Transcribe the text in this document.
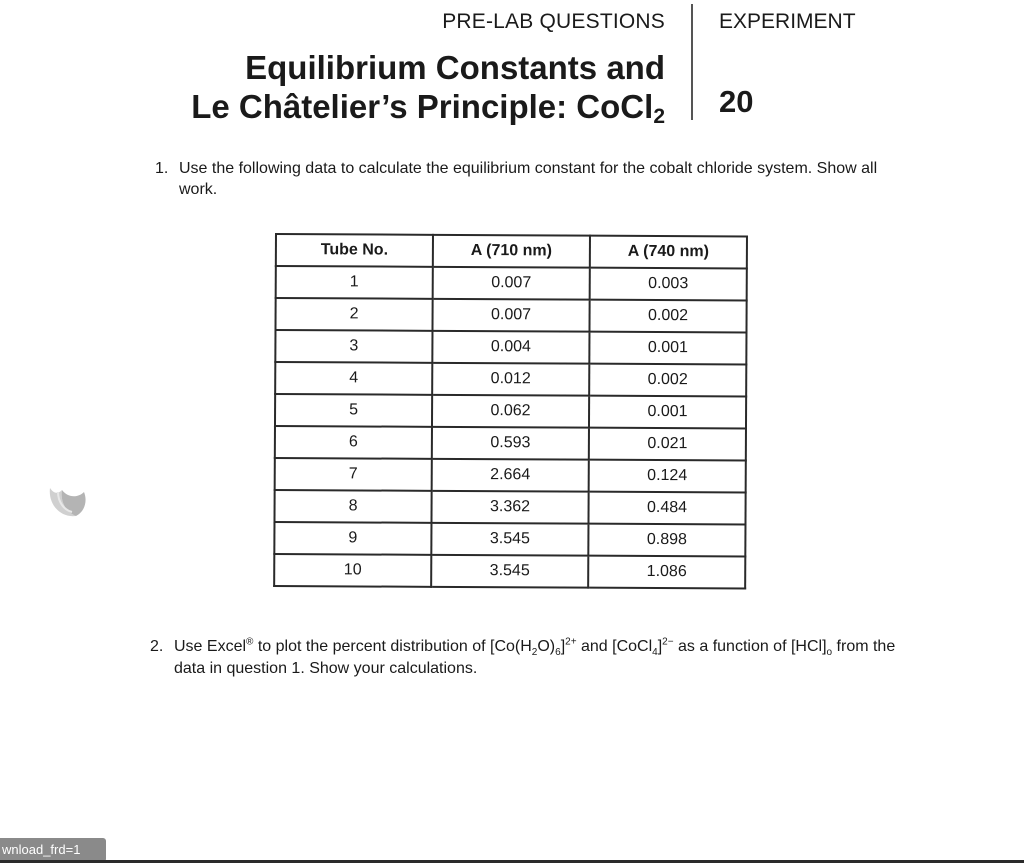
PRE-LAB QUESTIONS
Equilibrium Constants and
Le Châtelier’s Principle: CoCl$_2$
EXPERIMENT
20
1. Use the following data to calculate the equilibrium constant for the cobalt chloride system. Show all work.
Tube No.	A (710 nm)	A (740 nm)
1	0.007	0.003
2	0.007	0.002
3	0.004	0.001
4	0.012	0.002
5	0.062	0.001
6	0.593	0.021
7	2.664	0.124
8	3.362	0.484
9	3.545	0.898
10	3.545	1.086
2. Use Excel® to plot the percent distribution of $[Co(H_2O)_6]^{2+}$ and [CoCl$_4$]$^{2-}$ as a function of $[HCl]_o$ from the data in question 1. Show your calculations.
wnload_frd=1
